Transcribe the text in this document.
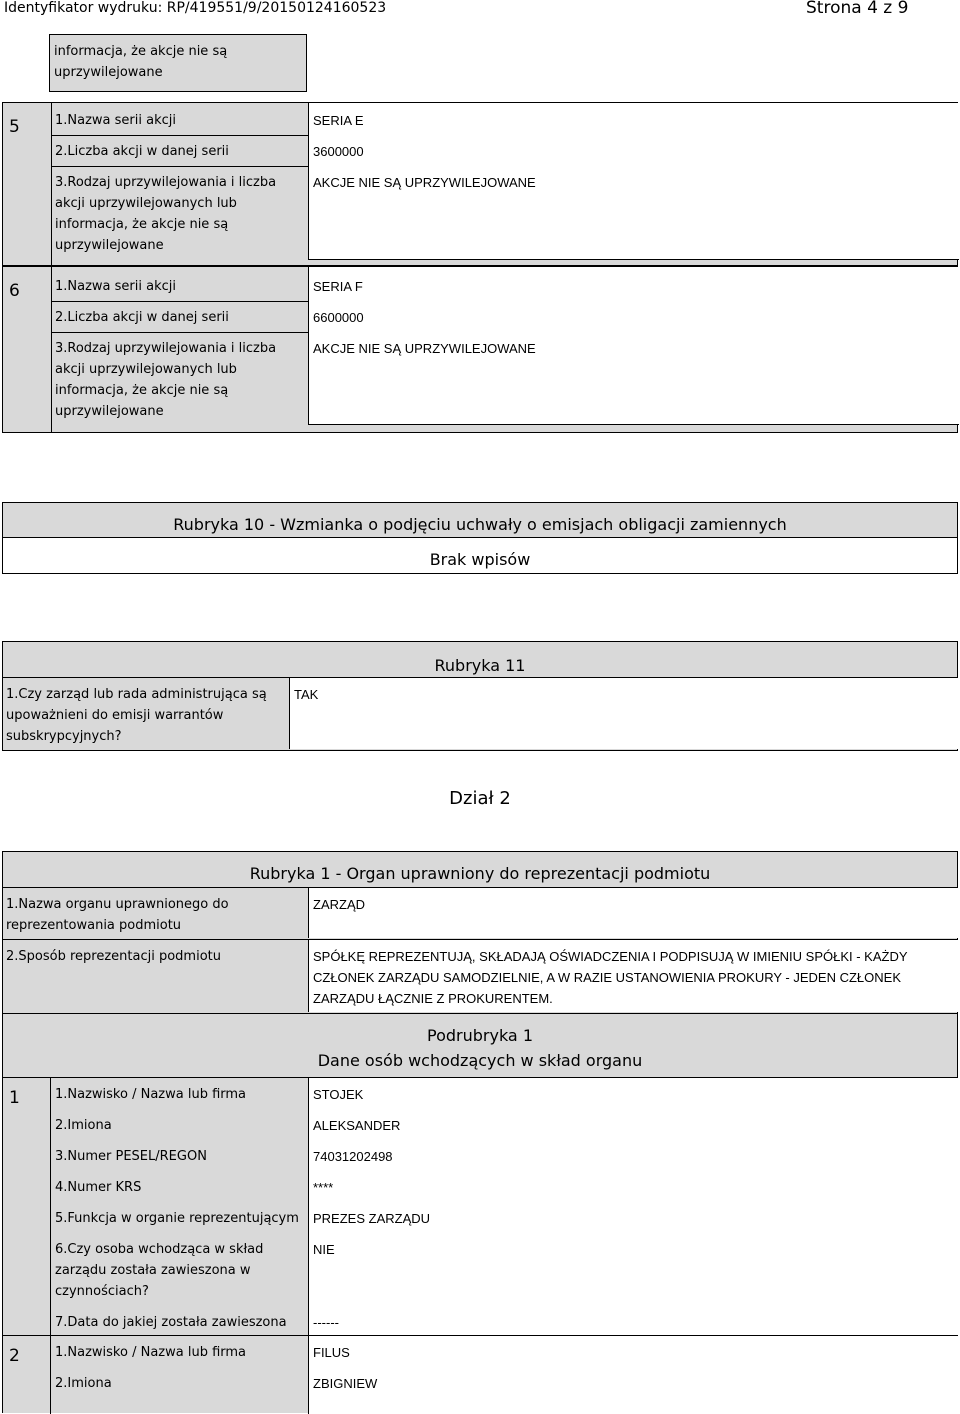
Identyfikator wydruku: RP/419551/9/20150124160523	Strona 4 z 9
informacja, że akcje nie są uprzywilejowane
5	1.Nazwa serii akcji	SERIA E
2.Liczba akcji w danej serii	3600000
3.Rodzaj uprzywilejowania i liczba akcji uprzywilejowanych lub informacja, że akcje nie są uprzywilejowane
AKCJE NIE SĄ UPRZYWILEJOWANE
6	1.Nazwa serii akcji	SERIA F
2.Liczba akcji w danej serii	6600000
3.Rodzaj uprzywilejowania i liczba akcji uprzywilejowanych lub informacja, że akcje nie są uprzywilejowane
AKCJE NIE SĄ UPRZYWILEJOWANE
Rubryka 10 - Wzmianka o podjęciu uchwały o emisjach obligacji zamiennych
Brak wpisów
Rubryka 11
1.Czy zarząd lub rada administrująca są upoważnieni do emisji warrantów subskrypcyjnych?
TAK
Dział 2
Rubryka 1 - Organ uprawniony do reprezentacji podmiotu
1.Nazwa organu uprawnionego do reprezentowania podmiotu
ZARZĄD
2.Sposób reprezentacji podmiotu	SPÓŁKĘ REPREZENTUJĄ, SKŁADAJĄ OŚWIADCZENIA I PODPISUJĄ W IMIENIU SPÓŁKI - KAŻDY CZŁONEK ZARZĄDU SAMODZIELNIE, A W RAZIE USTANOWIENIA PROKURY - JEDEN CZŁONEK ZARZĄDU ŁĄCZNIE Z PROKURENTEM.
Podrubryka 1
Dane osób wchodzących w skład organu
1	1.Nazwisko / Nazwa lub firma	STOJEK
2.Imiona	ALEKSANDER
3.Numer PESEL/REGON	74031202498
4.Numer KRS	****
5.Funkcja w organie reprezentującym PREZES ZARZĄDU
6.Czy osoba wchodząca w skład zarządu została zawieszona w czynnościach?
NIE
7.Data do jakiej została zawieszona ------
2	1.Nazwisko / Nazwa lub firma	FILUS
2.Imiona	ZBIGNIEW
